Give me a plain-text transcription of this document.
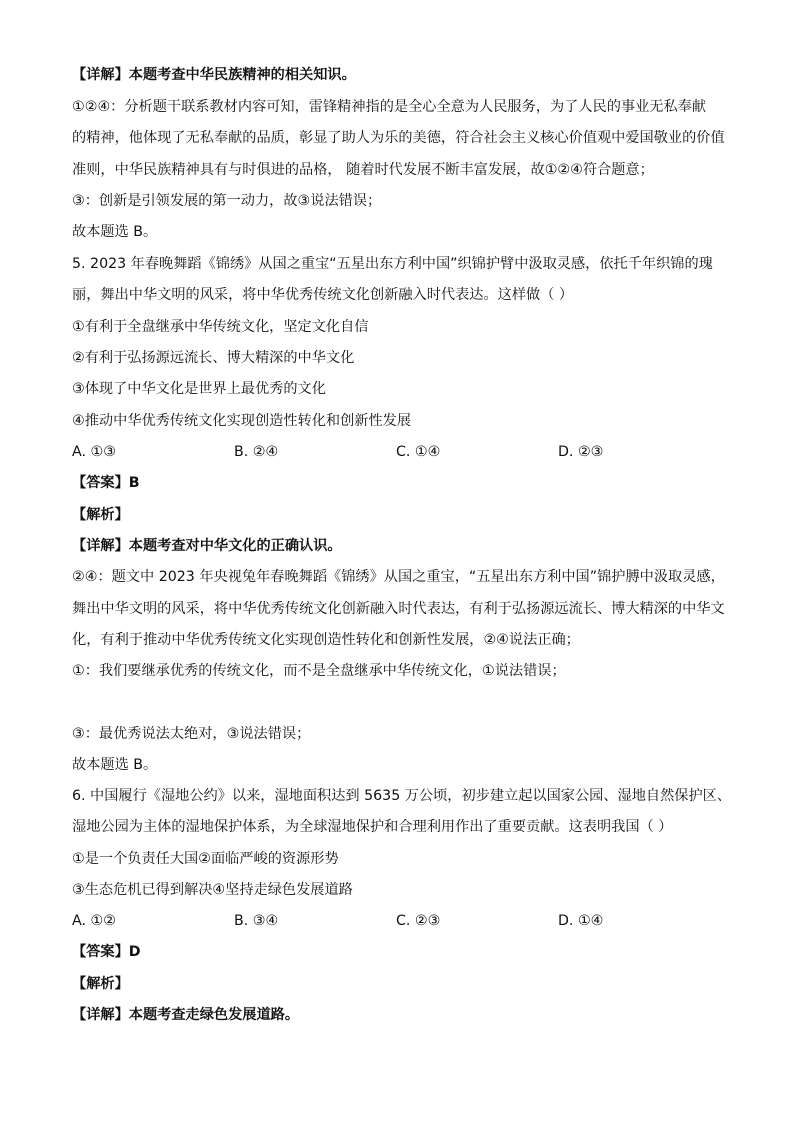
【详解】本题考查中华民族精神的相关知识。
①②④：分析题干联系教材内容可知，雷锋精神指的是全心全意为人民服务，为了人民的事业无私奉献
的精神，他体现了无私奉献的品质，彰显了助人为乐的美德，符合社会主义核心价值观中爱国敬业的价值
准则，中华民族精神具有与时俱进的品格， 随着时代发展不断丰富发展，故①②④符合题意；
③：创新是引领发展的第一动力，故③说法错误；
故本题选 B。
5. 2023 年春晚舞蹈《锦绣》从国之重宝“五星出东方利中国”织锦护臂中汲取灵感，依托千年织锦的瑰
丽，舞出中华文明的风采，将中华优秀传统文化创新融入时代表达。这样做（ ）
①有利于全盘继承中华传统文化，坚定文化自信
②有利于弘扬源远流长、博大精深的中华文化
③体现了中华文化是世界上最优秀的文化
④推动中华优秀传统文化实现创造性转化和创新性发展
A. ①③	B. ②④	C. ①④	D. ②③
【答案】B
【解析】
【详解】本题考查对中华文化的正确认识。
②④：题文中 2023 年央视兔年春晚舞蹈《锦绣》从国之重宝，“五星出东方利中国”锦护膊中汲取灵感，
舞出中华文明的风采，将中华优秀传统文化创新融入时代表达，有利于弘扬源远流长、博大精深的中华文
化，有利于推动中华优秀传统文化实现创造性转化和创新性发展，②④说法正确；
①：我们要继承优秀的传统文化，而不是全盘继承中华传统文化，①说法错误；
③：最优秀说法太绝对，③说法错误；
故本题选 B。
6. 中国履行《湿地公约》以来，湿地面积达到 5635 万公顷，初步建立起以国家公园、湿地自然保护区、
湿地公园为主体的湿地保护体系，为全球湿地保护和合理利用作出了重要贡献。这表明我国（ ）
①是一个负责任大国②面临严峻的资源形势
③生态危机已得到解决④坚持走绿色发展道路
A. ①②	B. ③④	C. ②③	D. ①④
【答案】D
【解析】
【详解】本题考查走绿色发展道路。
